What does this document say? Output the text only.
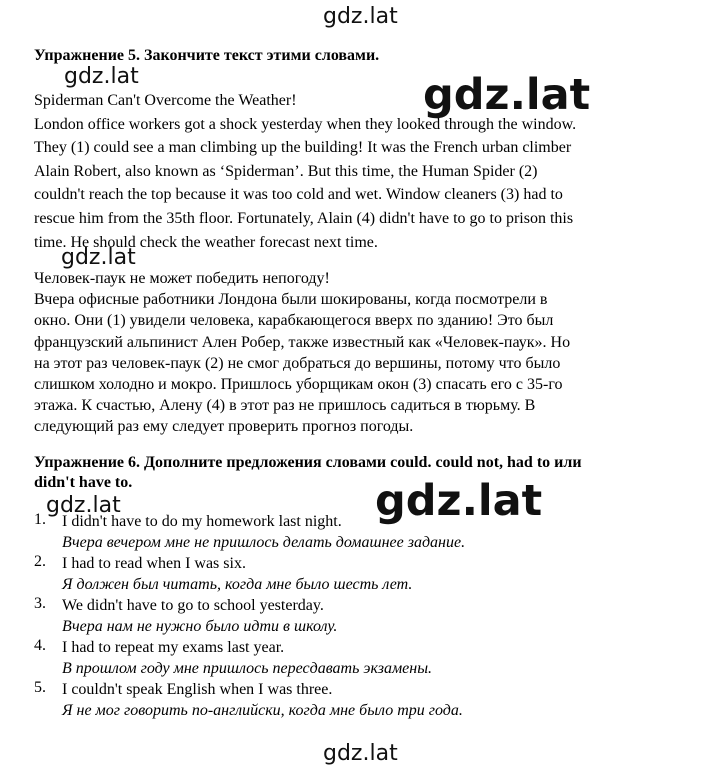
gdz.lat

Упражнение 5. Закончите текст этими словами.

Spiderman Can't Overcome the Weather!

London office workers got a shock yesterday when they looked through the window.

They (1) could see a man climbing up the building! It was the French urban climber

Alain Robert, also known as ‘Spiderman’. But this time, the Human Spider (2)

couldn't reach the top because it was too cold and wet. Window cleaners (3) had to

rescue him from the 35th floor. Fortunately, Alain (4) didn't have to go to prison this

time. He should check the weather forecast next time.

Человек-паук не может победить непогоду!

Вчера офисные работники Лондона были шокированы, когда посмотрели в

окно. Они (1) увидели человека, карабкающегося вверх по зданию! Это был

французский альпинист Ален Робер, также известный как «Человек-паук». Но

на этот раз человек-паук (2) не смог добраться до вершины, потому что было

слишком холодно и мокро. Пришлось уборщикам окон (3) спасать его с 35-го

этажа. К счастью, Алену (4) в этот раз не пришлось садиться в тюрьму. В

следующий раз ему следует проверить прогноз погоды.

Упражнение 6. Дополните предложения словами could. could not, had to или

didn't have to.

1. I didn't have to do my homework last night.
Вчера вечером мне не пришлось делать домашнее задание.
2. I had to read when I was six.
Я должен был читать, когда мне было шесть лет.
3. We didn't have to go to school yesterday.
Вчера нам не нужно было идти в школу.
4. I had to repeat my exams last year.
В прошлом году мне пришлось пересдавать экзамены.
5. I couldn't speak English when I was three.
Я не мог говорить по-английски, когда мне было три года.
gdz.lat	gdz.lat
gdz.lat
gdz.lat	gdz.lat
gdz.lat
